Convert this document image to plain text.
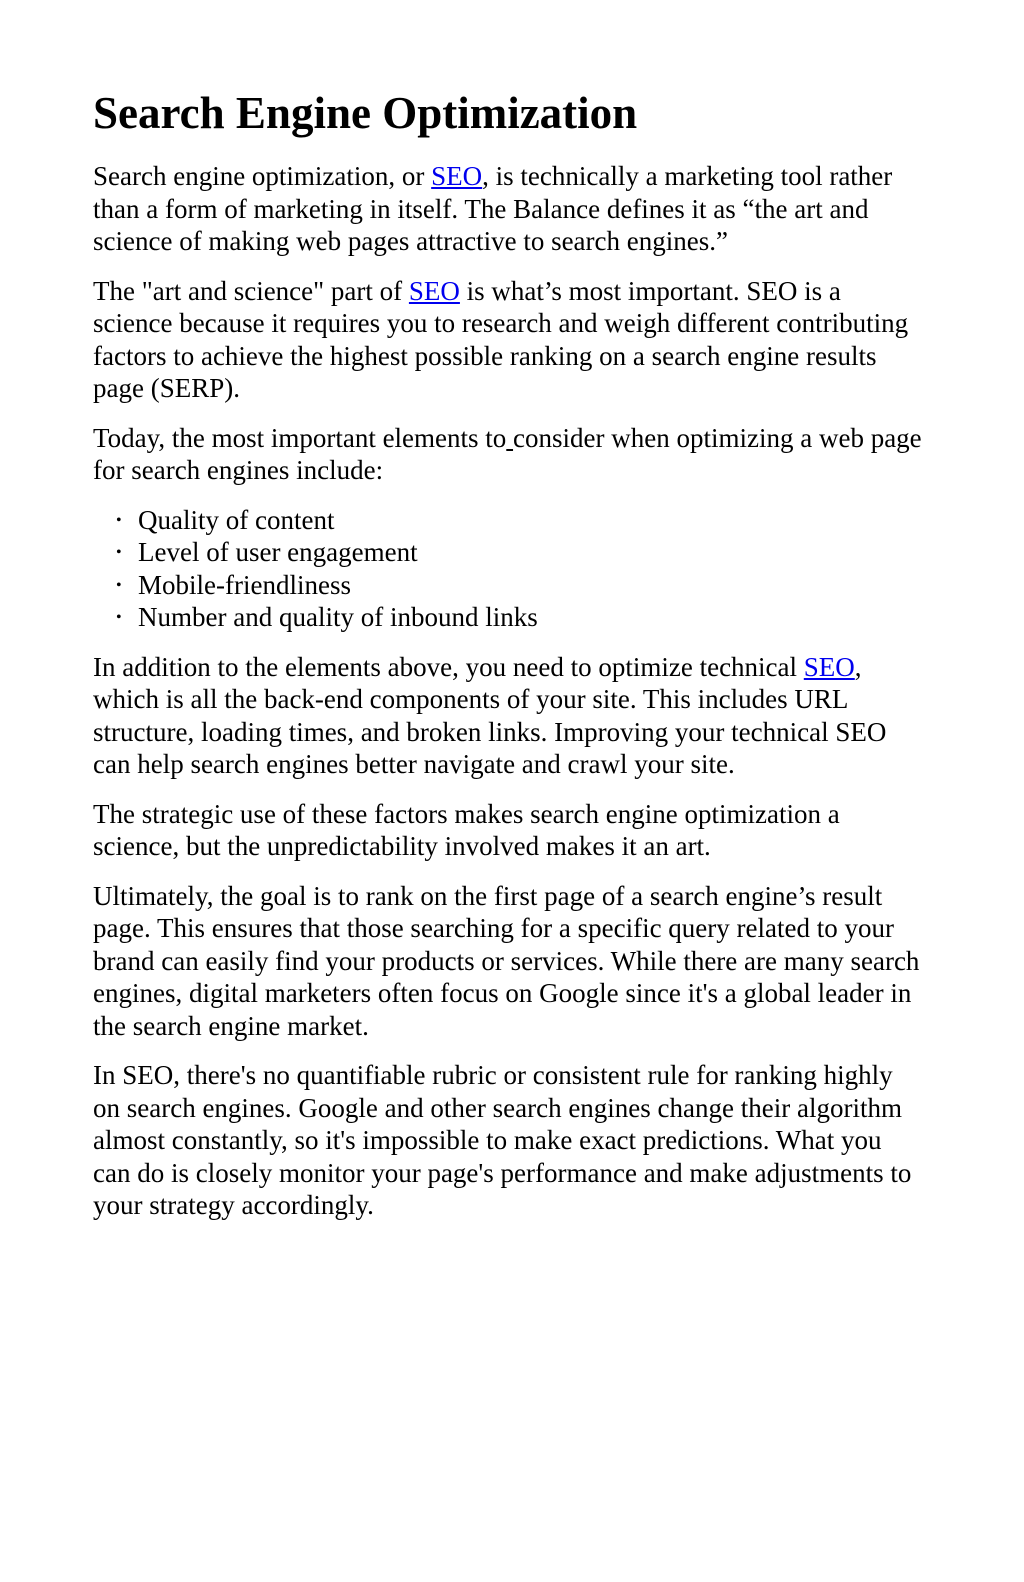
Search Engine Optimization

Search engine optimization, or SEO, is technically a marketing tool rather than a form of marketing in itself. The Balance defines it as “the art and science of making web pages attractive to search engines.”

The "art and science" part of SEO is what’s most important. SEO is a science because it requires you to research and weigh different contributing factors to achieve the highest possible ranking on a search engine results page (SERP).

Today, the most important elements to consider when optimizing a web page for search engines include:

• Quality of content
• Level of user engagement
• Mobile-friendliness
• Number and quality of inbound links

In addition to the elements above, you need to optimize technical SEO, which is all the back-end components of your site. This includes URL structure, loading times, and broken links. Improving your technical SEO can help search engines better navigate and crawl your site.

The strategic use of these factors makes search engine optimization a science, but the unpredictability involved makes it an art.

Ultimately, the goal is to rank on the first page of a search engine’s result page. This ensures that those searching for a specific query related to your brand can easily find your products or services. While there are many search engines, digital marketers often focus on Google since it's a global leader in the search engine market.

In SEO, there's no quantifiable rubric or consistent rule for ranking highly on search engines. Google and other search engines change their algorithm almost constantly, so it's impossible to make exact predictions. What you can do is closely monitor your page's performance and make adjustments to your strategy accordingly.
